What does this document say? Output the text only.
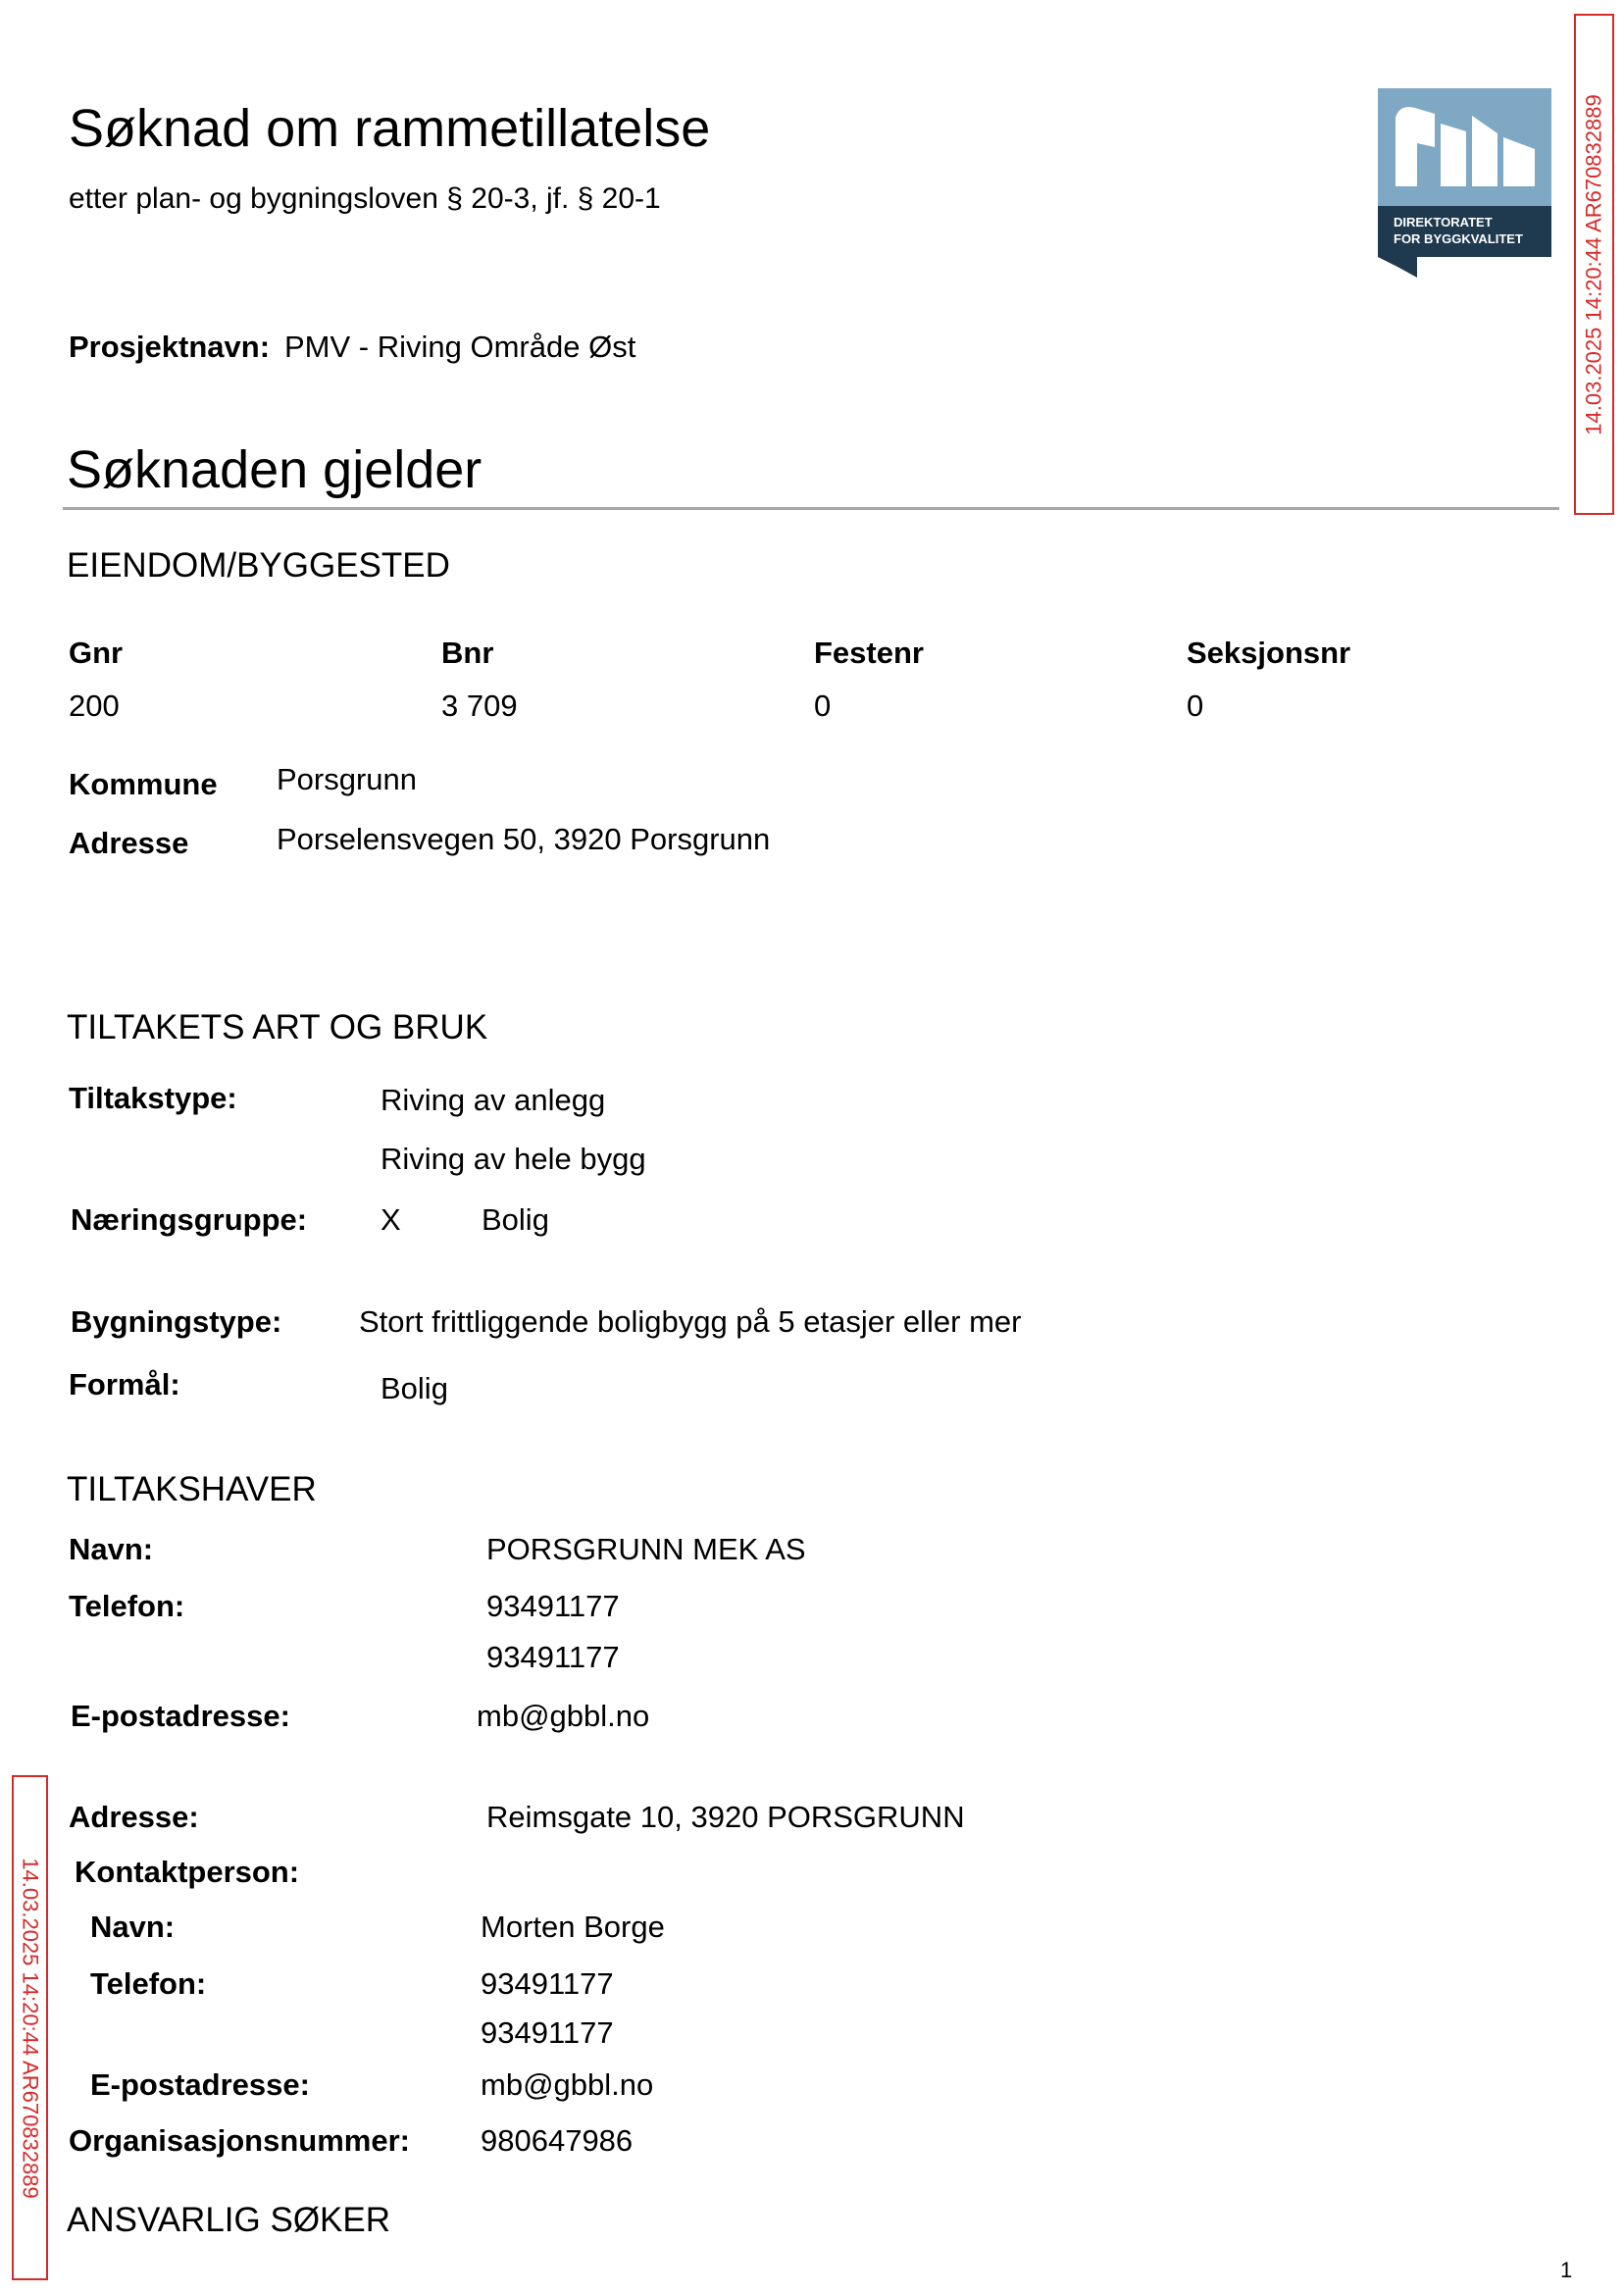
Søknad om rammetillatelse
etter plan- og bygningsloven § 20-3, jf. § 20-1
DIREKTORATET
FOR BYGGKVALITET
Prosjektnavn: PMV - Riving Område Øst
Søknaden gjelder
EIENDOM/BYGGESTED
Gnr	Bnr	Festenr	Seksjonsnr
200	3 709	0	0
Kommune Porsgrunn
Adresse	Porselensvegen 50, 3920 Porsgrunn
TILTAKETS ART OG BRUK
Tiltakstype:	Riving av anlegg
Riving av hele bygg
Næringsgruppe: X	Bolig
Bygningstype:	Stort frittliggende boligbygg på 5 etasjer eller mer
Formål:	Bolig
TILTAKSHAVER
Navn:	PORSGRUNN MEK AS
Telefon:	93491177
93491177
E-postadresse:	mb@gbbl.no
Adresse:	Reimsgate 10, 3920 PORSGRUNN
Kontaktperson:
Navn:	Morten Borge
Telefon:	93491177
93491177
E-postadresse:	mb@gbbl.no
Organisasjonsnummer: 980647986
ANSVARLIG SØKER
14.03.2025 14:20:44 AR670832889
14.03.2025 14:20:44 AR670832889
1
